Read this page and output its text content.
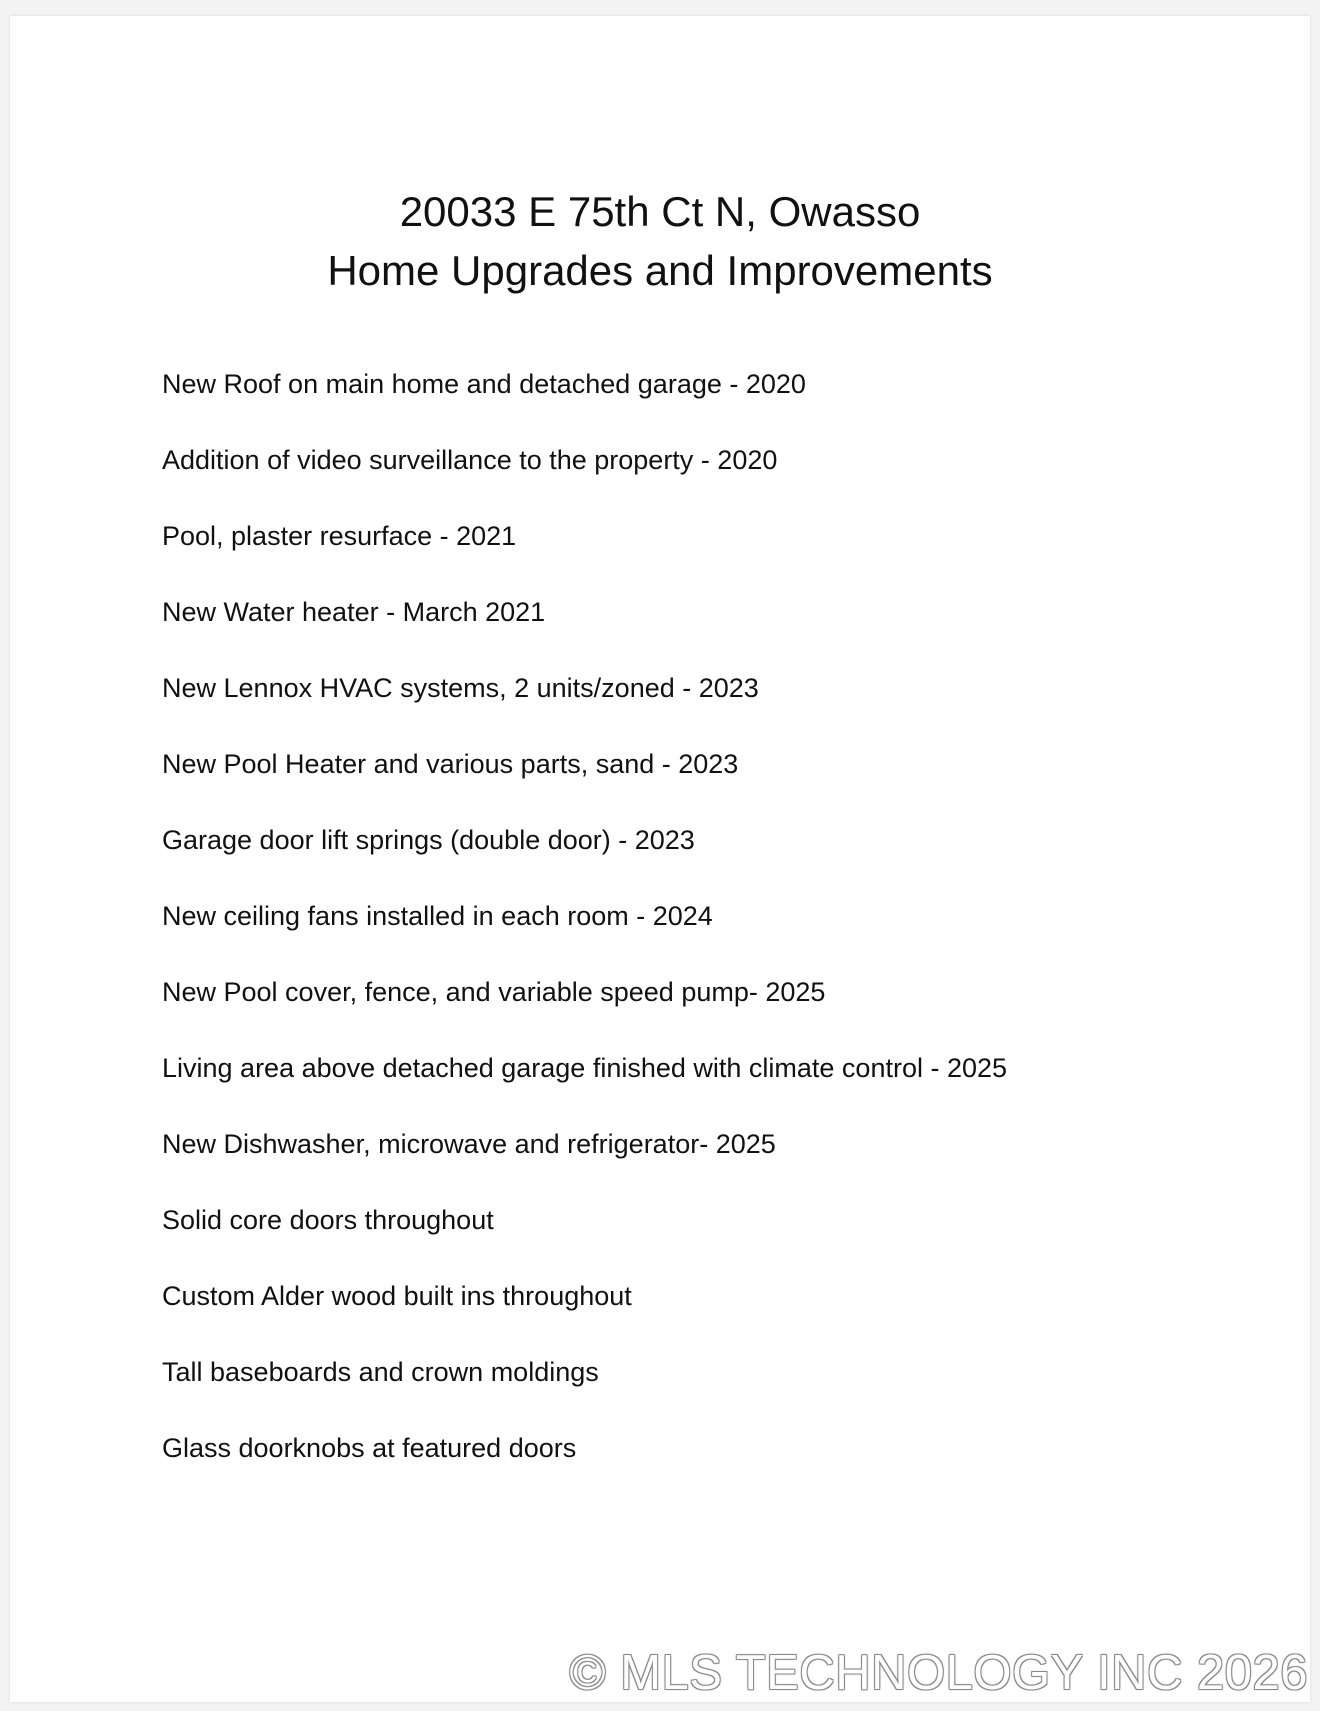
20033 E 75th Ct N, Owasso
Home Upgrades and Improvements
New Roof on main home and detached garage - 2020
Addition of video surveillance to the property - 2020
Pool, plaster resurface - 2021
New Water heater - March 2021
New Lennox HVAC systems, 2 units/zoned - 2023
New Pool Heater and various parts, sand - 2023
Garage door lift springs (double door) - 2023
New ceiling fans installed in each room - 2024
New Pool cover, fence, and variable speed pump- 2025
Living area above detached garage finished with climate control - 2025
New Dishwasher, microwave and refrigerator- 2025
Solid core doors throughout
Custom Alder wood built ins throughout
Tall baseboards and crown moldings
Glass doorknobs at featured doors
© MLS TECHNOLOGY INC 2026
